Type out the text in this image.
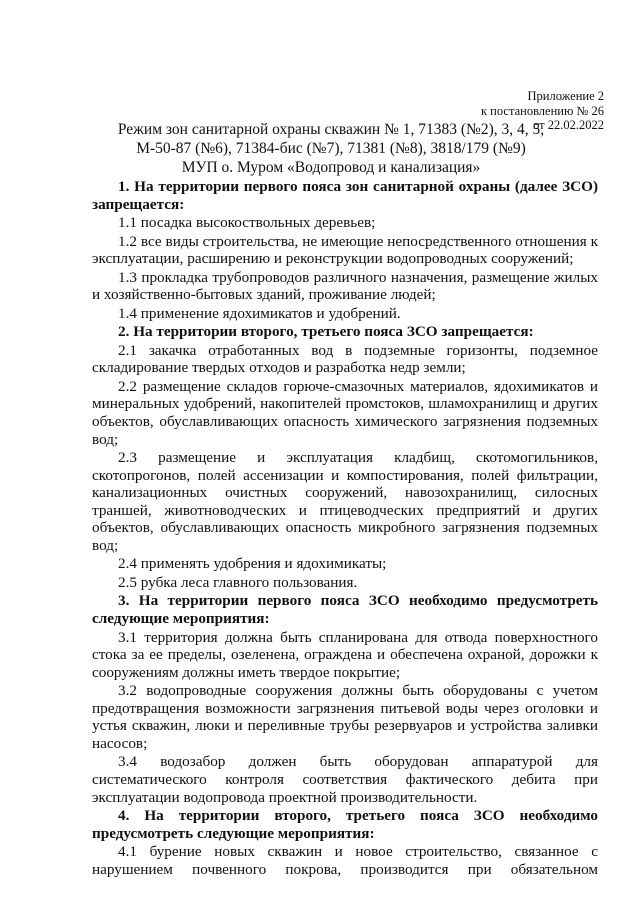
Приложение 2
к постановлению № 26
от 22.02.2022
Режим зон санитарной охраны скважин № 1, 71383 (№2), 3, 4, 5,
М-50-87 (№6), 71384-бис (№7), 71381 (№8), 3818/179 (№9)
МУП о. Муром «Водопровод и канализация»

1. На территории первого пояса зон санитарной охраны (далее ЗСО) запрещается:

1.1 посадка высокоствольных деревьев;

1.2 все виды строительства, не имеющие непосредственного отношения к эксплуатации, расширению и реконструкции водопроводных сооружений;

1.3 прокладка трубопроводов различного назначения, размещение жилых и хозяйственно-бытовых зданий, проживание людей;

1.4 применение ядохимикатов и удобрений.

2. На территории второго, третьего пояса ЗСО запрещается:

2.1 закачка отработанных вод в подземные горизонты, подземное складирование твердых отходов и разработка недр земли;

2.2 размещение складов горюче-смазочных материалов, ядохимикатов и минеральных удобрений, накопителей промстоков, шламохранилищ и других объектов, обуславливающих опасность химического загрязнения подземных вод;

2.3 размещение и эксплуатация кладбищ, скотомогильников, скотопрогонов, полей ассенизации и компостирования, полей фильтрации, канализационных очистных сооружений, навозохранилищ, силосных траншей, животноводческих и птицеводческих предприятий и других объектов, обуславливающих опасность микробного загрязнения подземных вод;

2.4 применять удобрения и ядохимикаты;

2.5 рубка леса главного пользования.

3. На территории первого пояса ЗСО необходимо предусмотреть следующие мероприятия:

3.1 территория должна быть спланирована для отвода поверхностного стока за ее пределы, озеленена, ограждена и обеспечена охраной, дорожки к сооружениям должны иметь твердое покрытие;

3.2 водопроводные сооружения должны быть оборудованы с учетом предотвращения возможности загрязнения питьевой воды через оголовки и устья скважин, люки и переливные трубы резервуаров и устройства заливки насосов;

3.4 водозабор должен быть оборудован аппаратурой для систематического контроля соответствия фактического дебита при эксплуатации водопровода проектной производительности.

4. На территории второго, третьего пояса ЗСО необходимо предусмотреть следующие мероприятия:

4.1 бурение новых скважин и новое строительство, связанное с нарушением почвенного покрова, производится при обязательном
